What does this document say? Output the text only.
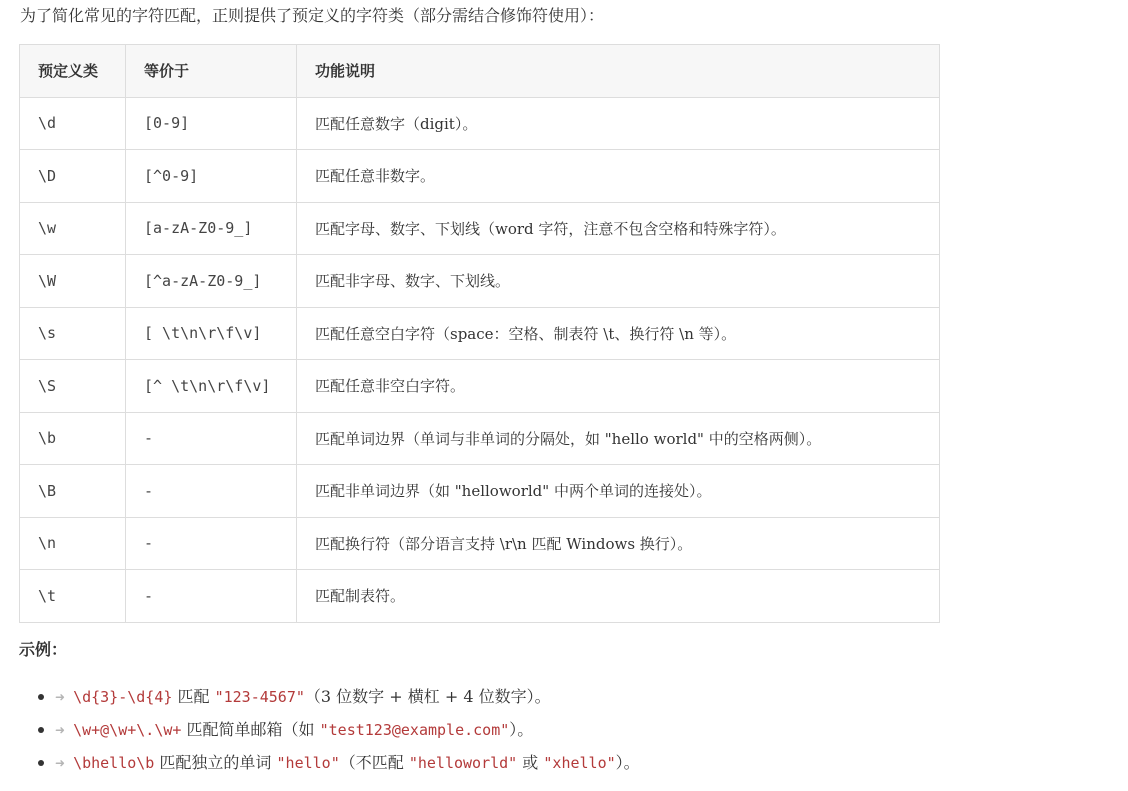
为了简化常见的字符匹配，正则提供了预定义的字符类（部分需结合修饰符使用）：
预定义类	等价于	功能说明
\d	[0-9]	匹配任意数字（digit）。
\D	[^0-9]	匹配任意非数字。
\w	[a-zA-Z0-9_]	匹配字母、数字、下划线（word 字符，注意不包含空格和特殊字符）。
\W	[^a-zA-Z0-9_]	匹配非字母、数字、下划线。
\s	[ \t\n\r\f\v]	匹配任意空白字符（space：空格、制表符 \t、换行符 \n 等）。
\S	[^ \t\n\r\f\v]	匹配任意非空白字符。
\b	-	匹配单词边界（单词与非单词的分隔处，如 "hello world" 中的空格两侧）。
\B	-	匹配非单词边界（如 "helloworld" 中两个单词的连接处）。
\n	-	匹配换行符（部分语言支持 \r\n 匹配 Windows 换行）。
\t	-	匹配制表符。
示例：
➜ \d{3}-\d{4} 匹配 "123-4567" （3 位数字 + 横杠 + 4 位数字）。
➜ \w+@\w+\.\w+ 匹配简单邮箱（如 "test123@example.com" ）。
➜ \bhello\b 匹配独立的单词 "hello" （不匹配 "helloworld" 或 "xhello" ）。
